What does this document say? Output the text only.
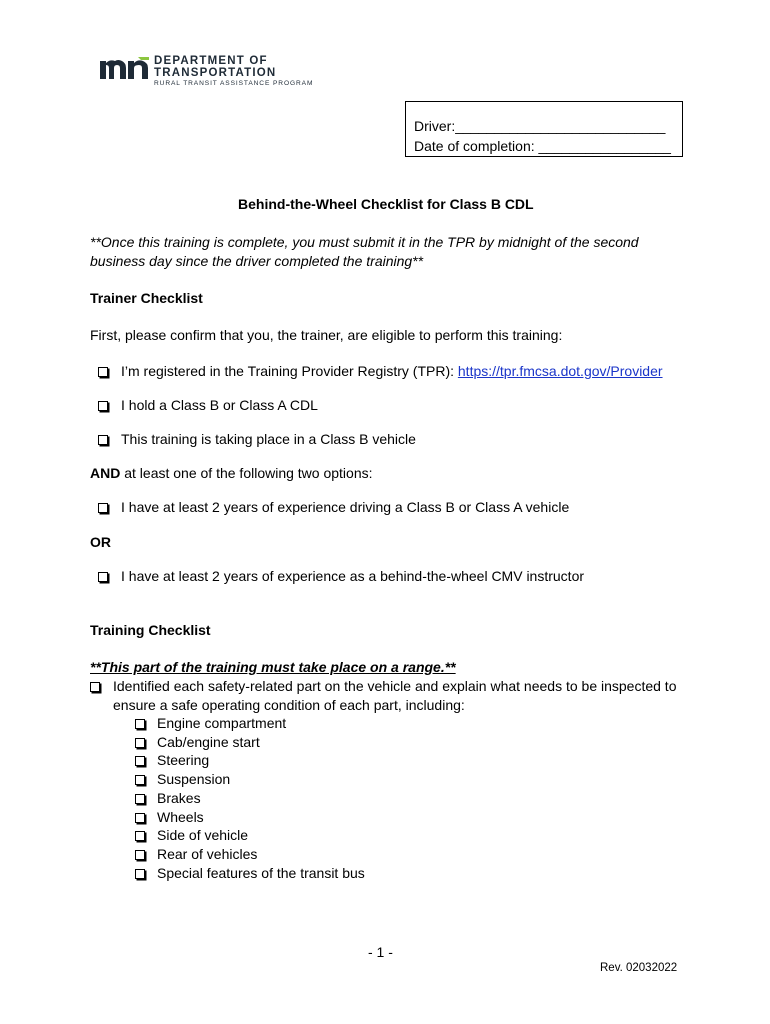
DEPARTMENT OF
TRANSPORTATION
RURAL TRANSIT ASSISTANCE PROGRAM
Driver:___________________________
Date of completion: _________________
Behind-the-Wheel Checklist for Class B CDL
**Once this training is complete, you must submit it in the TPR by midnight of the second
business day since the driver completed the training**
Trainer Checklist
First, please confirm that you, the trainer, are eligible to perform this training:
I’m registered in the Training Provider Registry (TPR): https://tpr.fmcsa.dot.gov/Provider
I hold a Class B or Class A CDL
This training is taking place in a Class B vehicle
AND at least one of the following two options:
I have at least 2 years of experience driving a Class B or Class A vehicle
OR
I have at least 2 years of experience as a behind-the-wheel CMV instructor
Training Checklist
**This part of the training must take place on a range.**
Identified each safety-related part on the vehicle and explain what needs to be inspected to
ensure a safe operating condition of each part, including:
Engine compartment
Cab/engine start
Steering
Suspension
Brakes
Wheels
Side of vehicle
Rear of vehicles
Special features of the transit bus
- 1 -
Rev. 02032022
